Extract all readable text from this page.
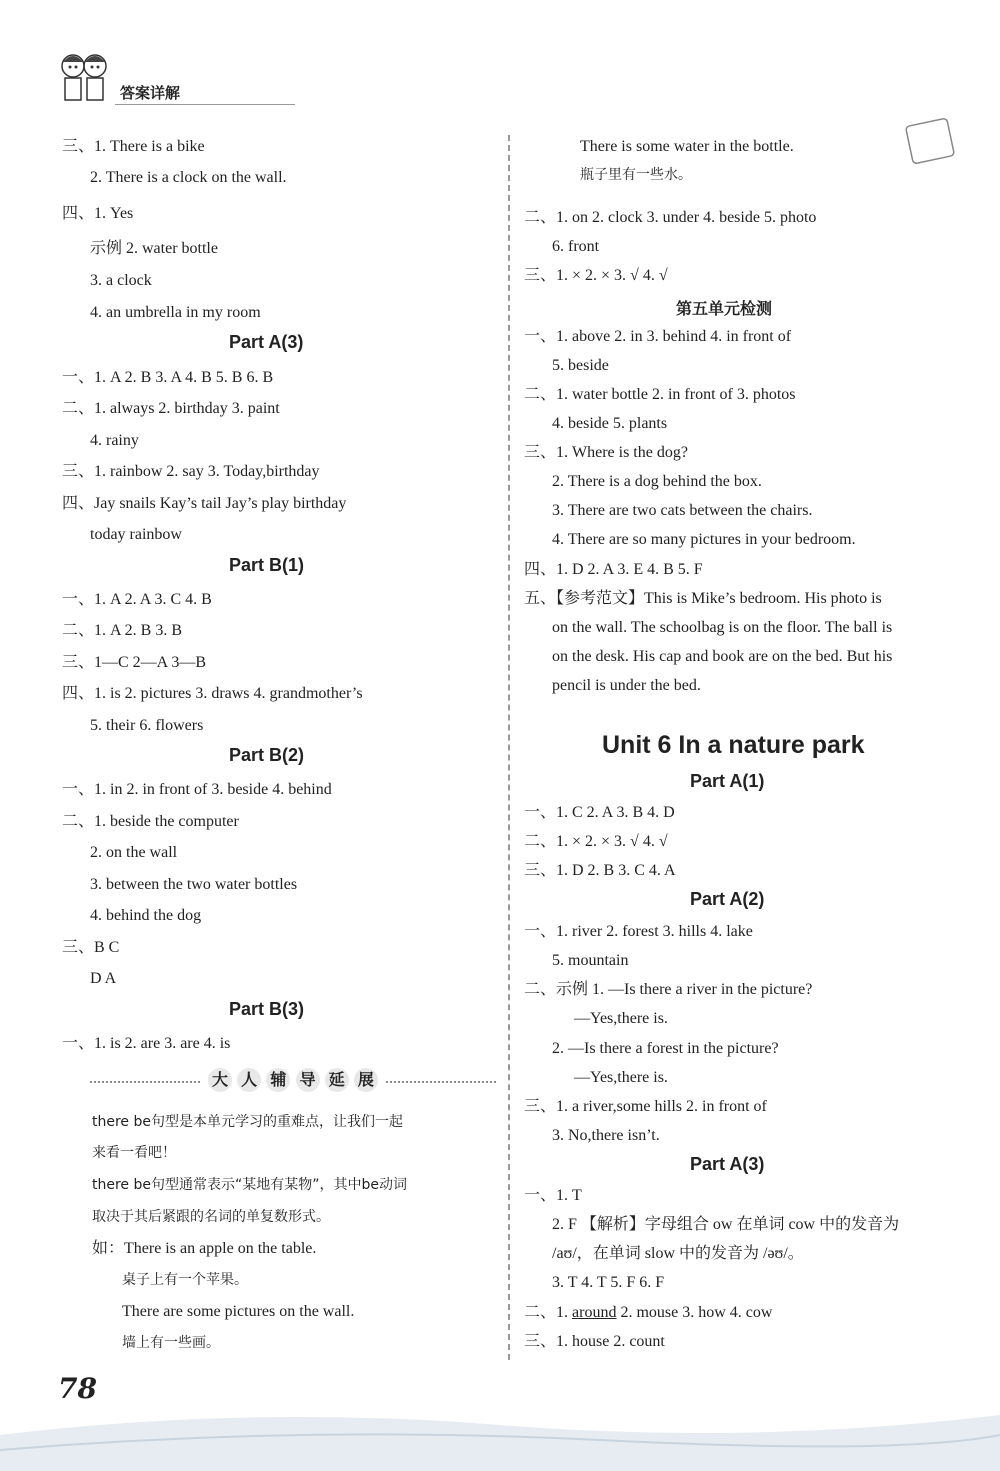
答案详解
三、1. There is a bike
2. There is a clock on the wall.
四、1. Yes
示例 2. water bottle
3. a clock
4. an umbrella in my room
Part A(3)
一、1. A 2. B 3. A 4. B 5. B 6. B
二、1. always 2. birthday 3. paint
4. rainy
三、1. rainbow 2. say 3. Today,birthday
四、Jay snails Kay’s tail Jay’s play birthday
today rainbow
Part B(1)
一、1. A 2. A 3. C 4. B
二、1. A 2. B 3. B
三、1—C 2—A 3—B
四、1. is 2. pictures 3. draws 4. grandmother’s
5. their 6. flowers
Part B(2)
一、1. in 2. in front of 3. beside 4. behind
二、1. beside the computer
2. on the wall
3. between the two water bottles
4. behind the dog
三、B C
D A
Part B(3)
一、1. is 2. are 3. are 4. is
大 人 辅 导 延 展
there be句型是本单元学习的重难点，让我们一起
来看一看吧！
there be句型通常表示“某地有某物”，其中be动词
取决于其后紧跟的名词的单复数形式。
如：There is an apple on the table.
桌子上有一个苹果。
There are some pictures on the wall.
墙上有一些画。
There is some water in the bottle.
瓶子里有一些水。
二、1. on 2. clock 3. under 4. beside 5. photo
6. front
三、1. × 2. × 3. √ 4. √
第五单元检测
一、1. above 2. in 3. behind 4. in front of
5. beside
二、1. water bottle 2. in front of 3. photos
4. beside 5. plants
三、1. Where is the dog?
2. There is a dog behind the box.
3. There are two cats between the chairs.
4. There are so many pictures in your bedroom.
四、1. D 2. A 3. E 4. B 5. F
五、【参考范文】This is Mike’s bedroom. His photo is
on the wall. The schoolbag is on the floor. The ball is
on the desk. His cap and book are on the bed. But his
pencil is under the bed.
Unit 6 In a nature park
Part A(1)
一、1. C 2. A 3. B 4. D
二、1. × 2. × 3. √ 4. √
三、1. D 2. B 3. C 4. A
Part A(2)
一、1. river 2. forest 3. hills 4. lake
5. mountain
二、示例 1. —Is there a river in the picture?
—Yes,there is.
2. —Is there a forest in the picture?
—Yes,there is.
三、1. a river,some hills 2. in front of
3. No,there isn’t.
Part A(3)
一、1. T
2. F 【解析】字母组合 ow 在单词 cow 中的发音为
/aʊ/，在单词 slow 中的发音为 /əʊ/。
3. T 4. T 5. F 6. F
二、1. around 2. mouse 3. how 4. cow
三、1. house 2. count
78
